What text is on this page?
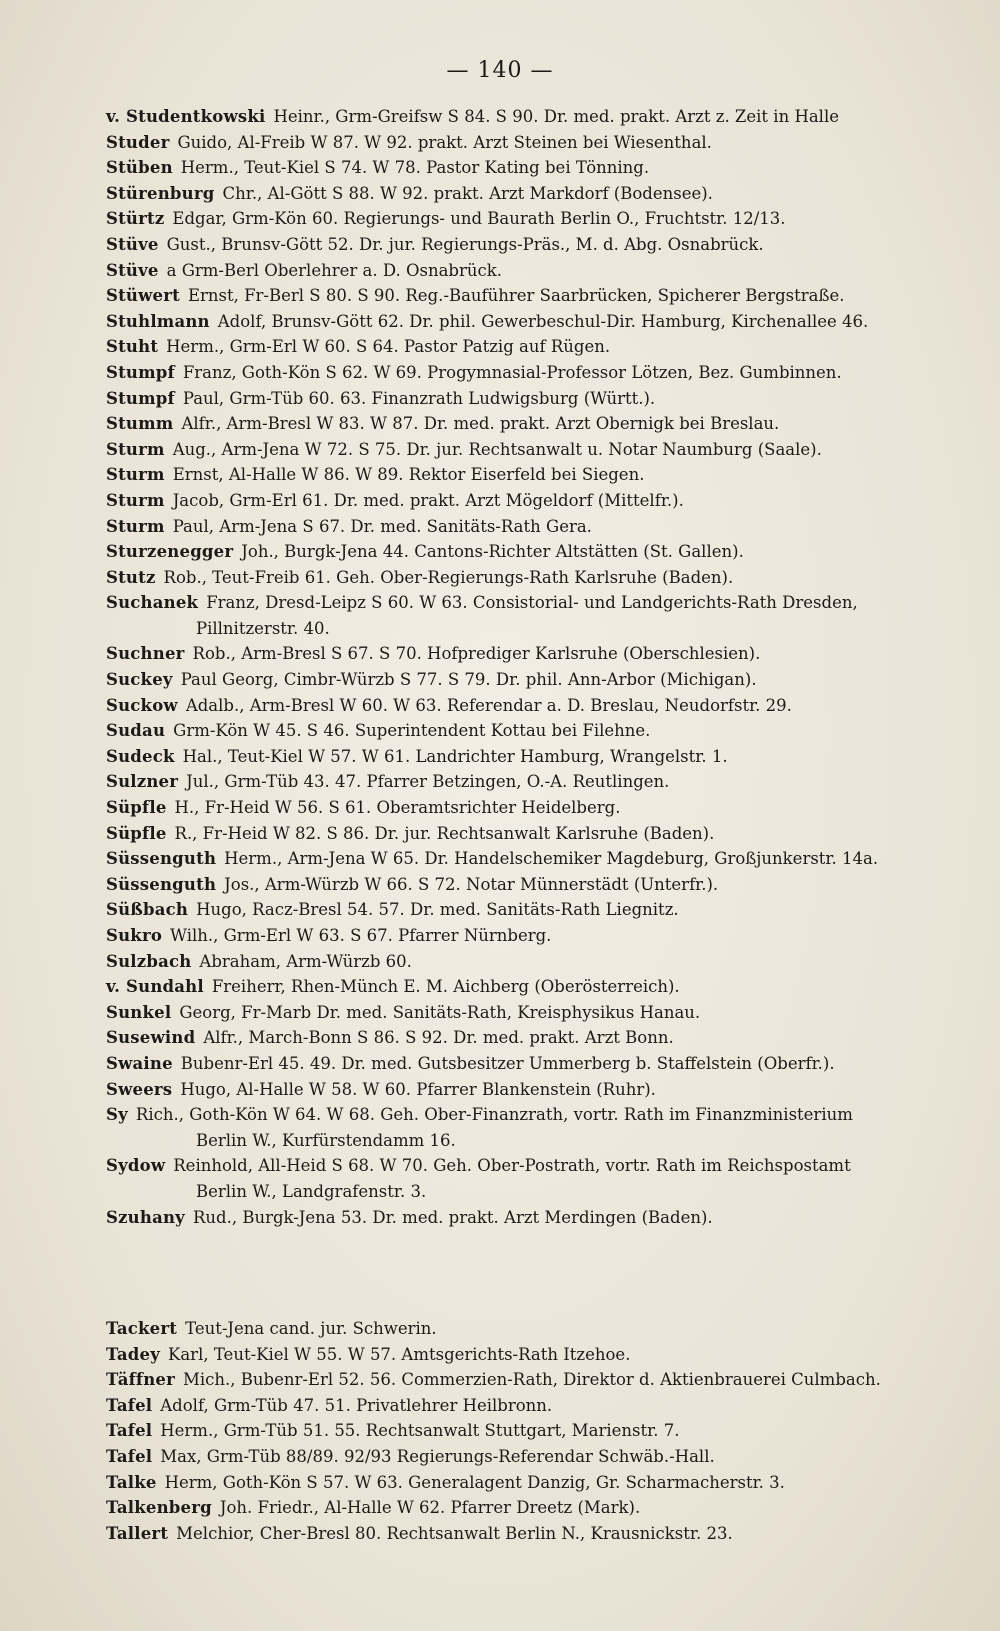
— 140 —
v. Studentkowski Heinr., Grm-Greifsw S 84. S 90. Dr. med. prakt. Arzt z. Zeit in Halle
Studer Guido, Al-Freib W 87. W 92. prakt. Arzt Steinen bei Wiesenthal.
Stüben Herm., Teut-Kiel S 74. W 78. Pastor Kating bei Tönning.
Stürenburg Chr., Al-Gött S 88. W 92. prakt. Arzt Markdorf (Bodensee).
Stürtz Edgar, Grm-Kön 60. Regierungs- und Baurath Berlin O., Fruchtstr. 12/13.
Stüve Gust., Brunsv-Gött 52. Dr. jur. Regierungs-Präs., M. d. Abg. Osnabrück.
Stüve a Grm-Berl Oberlehrer a. D. Osnabrück.
Stüwert Ernst, Fr-Berl S 80. S 90. Reg.-Bauführer Saarbrücken, Spicherer Bergstraße.
Stuhlmann Adolf, Brunsv-Gött 62. Dr. phil. Gewerbeschul-Dir. Hamburg, Kirchenallee 46.
Stuht Herm., Grm-Erl W 60. S 64. Pastor Patzig auf Rügen.
Stumpf Franz, Goth-Kön S 62. W 69. Progymnasial-Professor Lötzen, Bez. Gumbinnen.
Stumpf Paul, Grm-Tüb 60. 63. Finanzrath Ludwigsburg (Württ.).
Stumm Alfr., Arm-Bresl W 83. W 87. Dr. med. prakt. Arzt Obernigk bei Breslau.
Sturm Aug., Arm-Jena W 72. S 75. Dr. jur. Rechtsanwalt u. Notar Naumburg (Saale).
Sturm Ernst, Al-Halle W 86. W 89. Rektor Eiserfeld bei Siegen.
Sturm Jacob, Grm-Erl 61. Dr. med. prakt. Arzt Mögeldorf (Mittelfr.).
Sturm Paul, Arm-Jena S 67. Dr. med. Sanitäts-Rath Gera.
Sturzenegger Joh., Burgk-Jena 44. Cantons-Richter Altstätten (St. Gallen).
Stutz Rob., Teut-Freib 61. Geh. Ober-Regierungs-Rath Karlsruhe (Baden).
Suchanek Franz, Dresd-Leipz S 60. W 63. Consistorial- und Landgerichts-Rath Dresden,
Pillnitzerstr. 40.
Suchner Rob., Arm-Bresl S 67. S 70. Hofprediger Karlsruhe (Oberschlesien).
Suckey Paul Georg, Cimbr-Würzb S 77. S 79. Dr. phil. Ann-Arbor (Michigan).
Suckow Adalb., Arm-Bresl W 60. W 63. Referendar a. D. Breslau, Neudorfstr. 29.
Sudau Grm-Kön W 45. S 46. Superintendent Kottau bei Filehne.
Sudeck Hal., Teut-Kiel W 57. W 61. Landrichter Hamburg, Wrangelstr. 1.
Sulzner Jul., Grm-Tüb 43. 47. Pfarrer Betzingen, O.-A. Reutlingen.
Süpfle H., Fr-Heid W 56. S 61. Oberamtsrichter Heidelberg.
Süpfle R., Fr-Heid W 82. S 86. Dr. jur. Rechtsanwalt Karlsruhe (Baden).
Süssenguth Herm., Arm-Jena W 65. Dr. Handelschemiker Magdeburg, Großjunkerstr. 14a.
Süssenguth Jos., Arm-Würzb W 66. S 72. Notar Münnerstädt (Unterfr.).
Süßbach Hugo, Racz-Bresl 54. 57. Dr. med. Sanitäts-Rath Liegnitz.
Sukro Wilh., Grm-Erl W 63. S 67. Pfarrer Nürnberg.
Sulzbach Abraham, Arm-Würzb 60.
v. Sundahl Freiherr, Rhen-Münch E. M. Aichberg (Oberösterreich).
Sunkel Georg, Fr-Marb Dr. med. Sanitäts-Rath, Kreisphysikus Hanau.
Susewind Alfr., March-Bonn S 86. S 92. Dr. med. prakt. Arzt Bonn.
Swaine Bubenr-Erl 45. 49. Dr. med. Gutsbesitzer Ummerberg b. Staffelstein (Oberfr.).
Sweers Hugo, Al-Halle W 58. W 60. Pfarrer Blankenstein (Ruhr).
Sy Rich., Goth-Kön W 64. W 68. Geh. Ober-Finanzrath, vortr. Rath im Finanzministerium
Berlin W., Kurfürstendamm 16.
Sydow Reinhold, All-Heid S 68. W 70. Geh. Ober-Postrath, vortr. Rath im Reichspostamt
Berlin W., Landgrafenstr. 3.
Szuhany Rud., Burgk-Jena 53. Dr. med. prakt. Arzt Merdingen (Baden).
Tackert Teut-Jena cand. jur. Schwerin.
Tadey Karl, Teut-Kiel W 55. W 57. Amtsgerichts-Rath Itzehoe.
Täffner Mich., Bubenr-Erl 52. 56. Commerzien-Rath, Direktor d. Aktienbrauerei Culmbach.
Tafel Adolf, Grm-Tüb 47. 51. Privatlehrer Heilbronn.
Tafel Herm., Grm-Tüb 51. 55. Rechtsanwalt Stuttgart, Marienstr. 7.
Tafel Max, Grm-Tüb 88/89. 92/93 Regierungs-Referendar Schwäb.-Hall.
Talke Herm, Goth-Kön S 57. W 63. Generalagent Danzig, Gr. Scharmacherstr. 3.
Talkenberg Joh. Friedr., Al-Halle W 62. Pfarrer Dreetz (Mark).
Tallert Melchior, Cher-Bresl 80. Rechtsanwalt Berlin N., Krausnickstr. 23.
